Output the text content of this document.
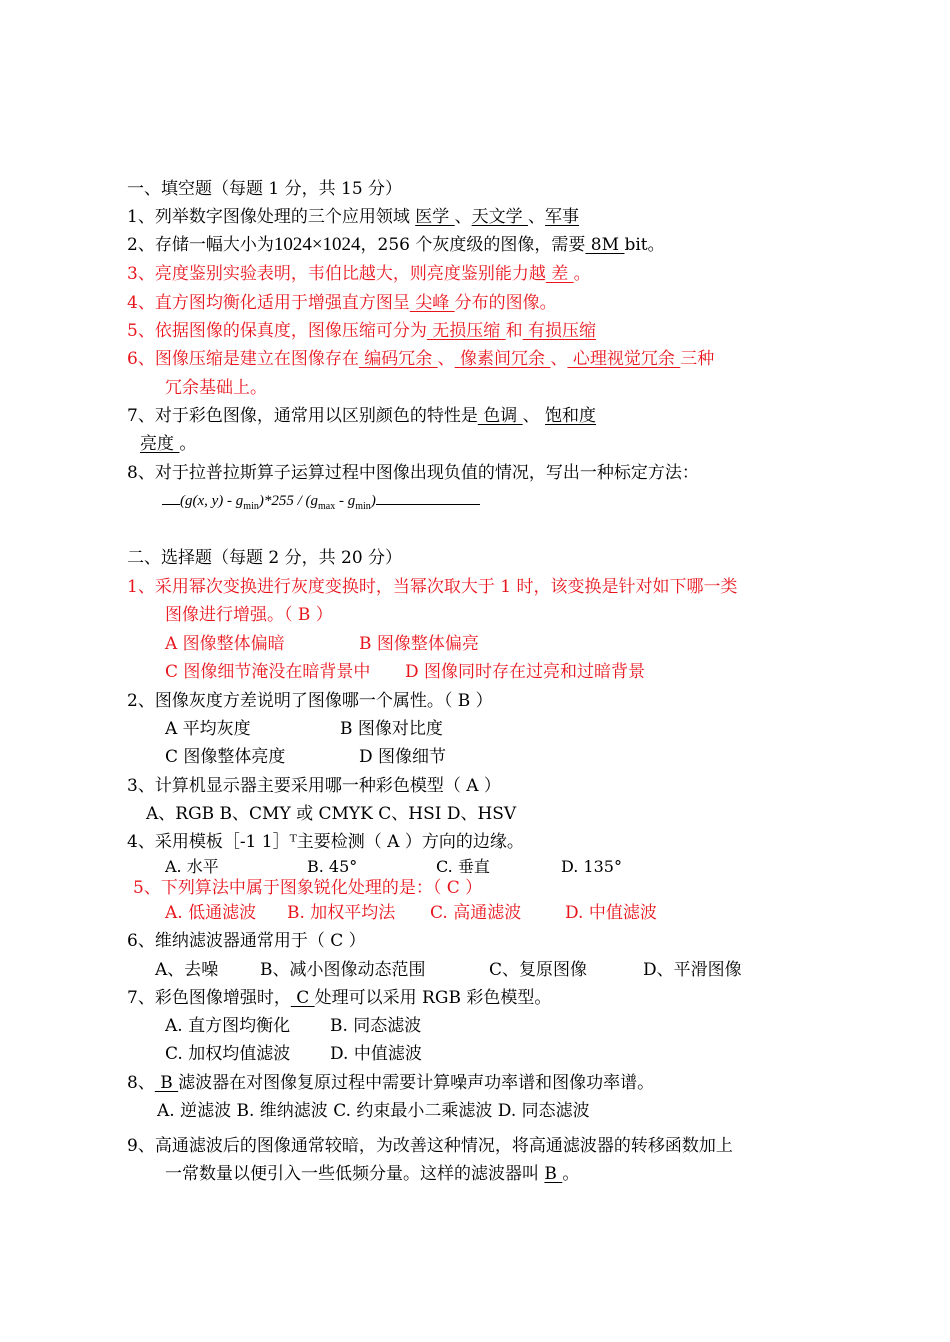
一、填空题（每题 1 分，共 15 分）
1、列举数字图像处理的三个应用领域 医学 、天文学 、军事
2、存储一幅大小为1024×1024，256 个灰度级的图像，需要 8M bit。
3、亮度鉴别实验表明，韦伯比越大，则亮度鉴别能力越 差 。
4、直方图均衡化适用于增强直方图呈 尖峰 分布的图像。
5、依据图像的保真度，图像压缩可分为 无损压缩 和 有损压缩
6、图像压缩是建立在图像存在 编码冗余 、 像素间冗余 、 心理视觉冗余 三种
冗余基础上。
7、对于彩色图像，通常用以区别颜色的特性是 色调 、 饱和度
亮度 。
8、对于拉普拉斯算子运算过程中图像出现负值的情况，写出一种标定方法：
(g(x, $y) - g_{min})*255 / (g_{max} - g_{min})$
二、选择题（每题 2 分，共 20 分）
1、采用幂次变换进行灰度变换时，当幂次取大于 1 时，该变换是针对如下哪一类
图像进行增强。（ B ）
A 图像整体偏暗	B 图像整体偏亮
C 图像细节淹没在暗背景中 D 图像同时存在过亮和过暗背景
2、图像灰度方差说明了图像哪一个属性。（ B ）
A 平均灰度	B 图像对比度
C 图像整体亮度	D 图像细节
3、计算机显示器主要采用哪一种彩色模型（ A ）
A、RGB B、CMY 或 CMYK C、HSI D、HSV
4、采用模板［-1 1］ᵀ主要检测（ A ）方向的边缘。
A. 水平	B. 45°	C. 垂直	D. 135°
5、下列算法中属于图象锐化处理的是：（ C ）
A. 低通滤波 B. 加权平均法 C. 高通滤波	D. 中值滤波
6、维纳滤波器通常用于（ C ）
A、去噪 B、减小图像动态范围	C、复原图像	D、平滑图像
7、彩色图像增强时， C 处理可以采用 RGB 彩色模型。
A. 直方图均衡化 B. 同态滤波
C. 加权均值滤波 D. 中值滤波
8、 B 滤波器在对图像复原过程中需要计算噪声功率谱和图像功率谱。
A. 逆滤波 B. 维纳滤波 C. 约束最小二乘滤波 D. 同态滤波
9、高通滤波后的图像通常较暗，为改善这种情况，将高通滤波器的转移函数加上
一常数量以便引入一些低频分量。这样的滤波器叫 B 。
